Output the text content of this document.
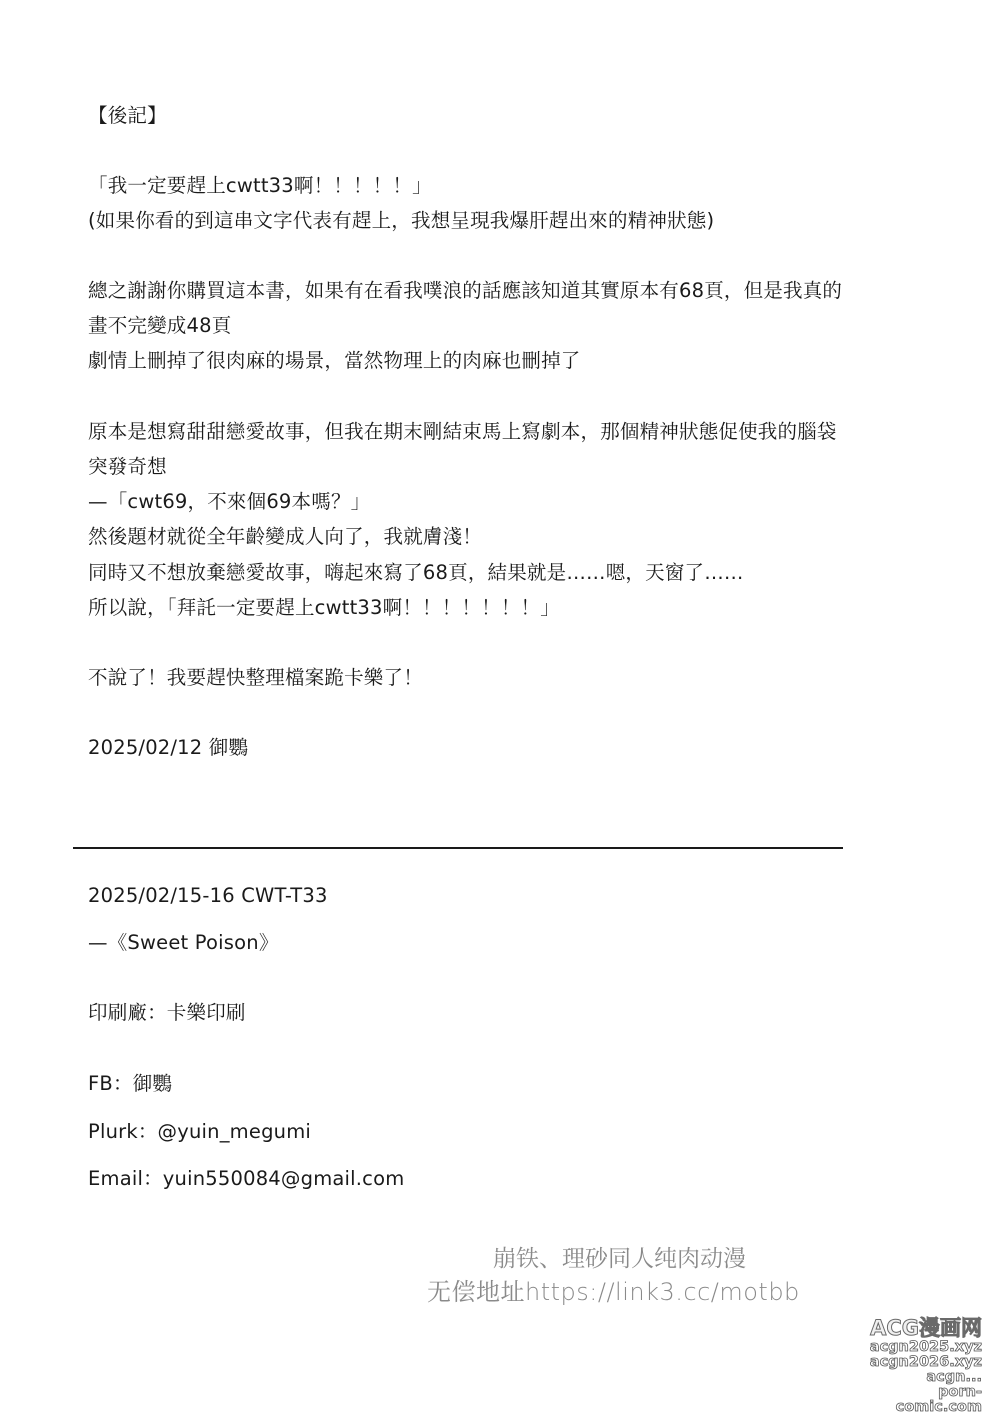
【後記】
「我一定要趕上cwtt33啊！！！！！」
(如果你看的到這串文字代表有趕上，我想呈現我爆肝趕出來的精神狀態)
總之謝謝你購買這本書，如果有在看我噗浪的話應該知道其實原本有68頁，但是我真的
畫不完變成48頁
劇情上刪掉了很肉麻的場景，當然物理上的肉麻也刪掉了
原本是想寫甜甜戀愛故事，但我在期末剛結束馬上寫劇本，那個精神狀態促使我的腦袋
突發奇想
—「cwt69，不來個69本嗎？」
然後題材就從全年齡變成人向了，我就膚淺！
同時又不想放棄戀愛故事，嗨起來寫了68頁，結果就是……嗯，天窗了……
所以說，「拜託一定要趕上cwtt33啊！！！！！！！」
不說了！我要趕快整理檔案跪卡樂了！
2025/02/12 御鸚
2025/02/15-16 CWT-T33
—《Sweet Poison》
印刷廠：卡樂印刷
FB：御鸚
Plurk：@yuin_megumi
Email：yuin550084@gmail.com
崩铁、理砂同人纯肉动漫
无偿地址https://link3.cc/motbb
ACG漫画网
acgn2025.xyz
acgn2026.xyz
acgn...
porn-comic.com
